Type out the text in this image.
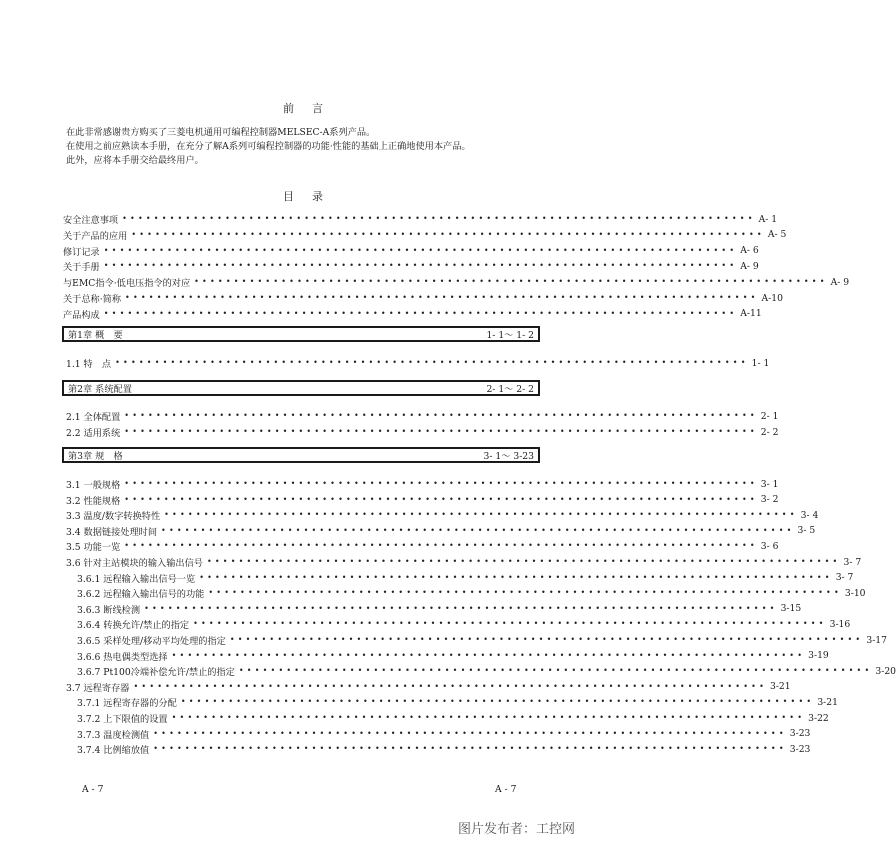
前言
在此非常感谢贵方购买了三菱电机通用可编程控制器MELSEC-A系列产品。
在使用之前应熟读本手册，在充分了解A系列可编程控制器的功能·性能的基础上正确地使用本产品。
此外，应将本手册交给最终用户。
目录
安全注意事项 •••••••••••••••••••••••••••••••••••••••••••••••••••••••••••••••••••••••••••••••• A- 1
关于产品的应用 •••••••••••••••••••••••••••••••••••••••••••••••••••••••••••••••••••••••••••••••• A- 5
修订记录 •••••••••••••••••••••••••••••••••••••••••••••••••••••••••••••••••••••••••••••••• A- 6
关于手册 •••••••••••••••••••••••••••••••••••••••••••••••••••••••••••••••••••••••••••••••• A- 9
与EMC指令·低电压指令的对应 •••••••••••••••••••••••••••••••••••••••••••••••••••••••••••••••••••••••••••••••• A- 9
关于总称·简称 •••••••••••••••••••••••••••••••••••••••••••••••••••••••••••••••••••••••••••••••• A-10
产品构成 •••••••••••••••••••••••••••••••••••••••••••••••••••••••••••••••••••••••••••••••• A-11
第1章 概　要	1- 1～ 1- 2
1.1 特　点 •••••••••••••••••••••••••••••••••••••••••••••••••••••••••••••••••••••••••••••••• 1- 1
第2章 系统配置	2- 1～ 2- 2
2.1 全体配置 •••••••••••••••••••••••••••••••••••••••••••••••••••••••••••••••••••••••••••••••• 2- 1
2.2 适用系统 •••••••••••••••••••••••••••••••••••••••••••••••••••••••••••••••••••••••••••••••• 2- 2
第3章 规　格	3- 1～ 3-23
3.1 一般规格 •••••••••••••••••••••••••••••••••••••••••••••••••••••••••••••••••••••••••••••••• 3- 1
3.2 性能规格 •••••••••••••••••••••••••••••••••••••••••••••••••••••••••••••••••••••••••••••••• 3- 2
3.3 温度/数字转换特性 •••••••••••••••••••••••••••••••••••••••••••••••••••••••••••••••••••••••••••••••• 3- 4
3.4 数据链接处理时间 •••••••••••••••••••••••••••••••••••••••••••••••••••••••••••••••••••••••••••••••• 3- 5
3.5 功能一览 •••••••••••••••••••••••••••••••••••••••••••••••••••••••••••••••••••••••••••••••• 3- 6
3.6 针对主站模块的输入输出信号 •••••••••••••••••••••••••••••••••••••••••••••••••••••••••••••••••••••••••••••••• 3- 7
3.6.1 远程输入输出信号一览 •••••••••••••••••••••••••••••••••••••••••••••••••••••••••••••••••••••••••••••••• 3- 7
3.6.2 远程输入输出信号的功能 •••••••••••••••••••••••••••••••••••••••••••••••••••••••••••••••••••••••••••••••• 3-10
3.6.3 断线检测 •••••••••••••••••••••••••••••••••••••••••••••••••••••••••••••••••••••••••••••••• 3-15
3.6.4 转换允许/禁止的指定 •••••••••••••••••••••••••••••••••••••••••••••••••••••••••••••••••••••••••••••••• 3-16
3.6.5 采样处理/移动平均处理的指定 •••••••••••••••••••••••••••••••••••••••••••••••••••••••••••••••••••••••••••••••• 3-17
3.6.6 热电偶类型选择 •••••••••••••••••••••••••••••••••••••••••••••••••••••••••••••••••••••••••••••••• 3-19
3.6.7 Pt100冷端补偿允许/禁止的指定 •••••••••••••••••••••••••••••••••••••••••••••••••••••••••••••••••••••••••••••••• 3-20
3.7 远程寄存器 •••••••••••••••••••••••••••••••••••••••••••••••••••••••••••••••••••••••••••••••• 3-21
3.7.1 远程寄存器的分配 •••••••••••••••••••••••••••••••••••••••••••••••••••••••••••••••••••••••••••••••• 3-21
3.7.2 上下限值的设置 •••••••••••••••••••••••••••••••••••••••••••••••••••••••••••••••••••••••••••••••• 3-22
3.7.3 温度检测值 •••••••••••••••••••••••••••••••••••••••••••••••••••••••••••••••••••••••••••••••• 3-23
3.7.4 比例缩放值 •••••••••••••••••••••••••••••••••••••••••••••••••••••••••••••••••••••••••••••••• 3-23
A - 7	A - 7
图片发布者：工控网
